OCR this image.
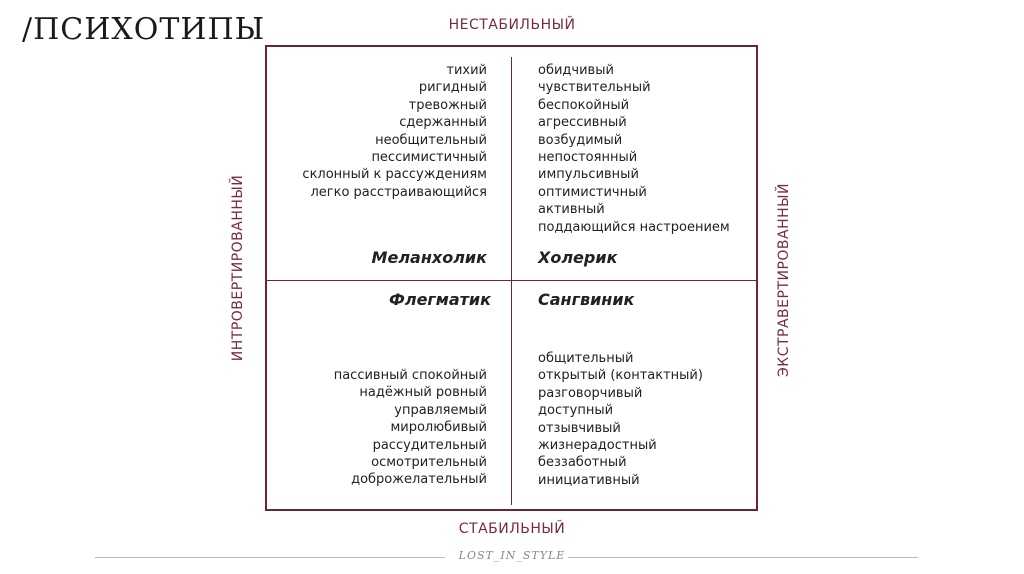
/ПСИХОТИПЫ	НЕСТАБИЛЬНЫЙ
СТАБИЛЬНЫЙ
ИНТРОВЕРТИРОВАННЫЙ	ЭКСТРАВЕРТИРОВАННЫЙ
тихий
ригидный
тревожный
сдержанный
необщительный
пессимистичный
склонный к рассуждениям
легко расстраивающийся
обидчивый
чувствительный
беспокойный
агрессивный
возбудимый
непостоянный
импульсивный
оптимистичный
активный
поддающийся настроением
пассивный спокойный
надёжный ровный
управляемый
миролюбивый
рассудительный
осмотрительный
доброжелательный
общительный
открытый (контактный)
разговорчивый
доступный
отзывчивый
жизнерадостный
беззаботный
инициативный
Меланхолик	Холерик
Флегматик	Сангвиник
LOST_IN_STYLE
